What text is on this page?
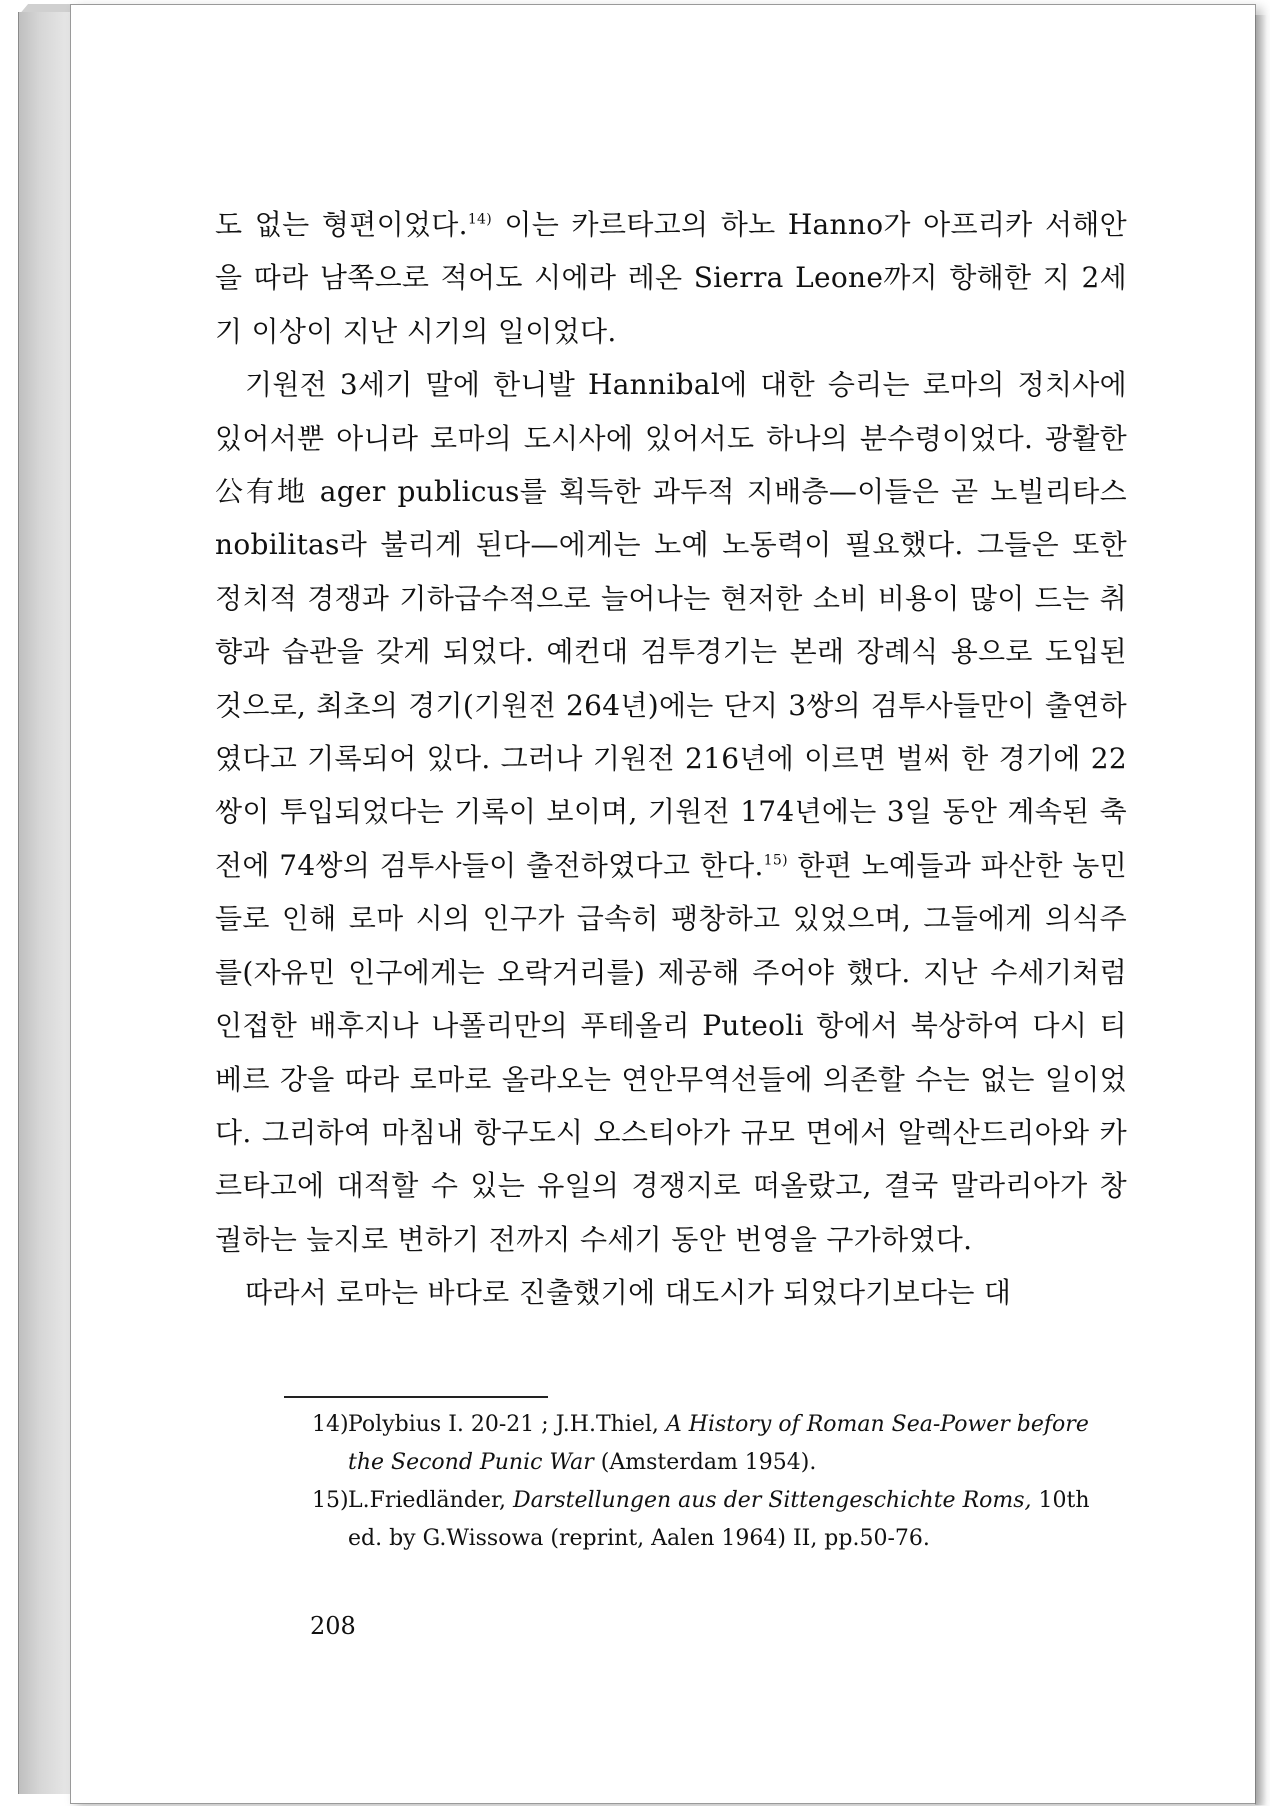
도 없는 형편이었다.$^{14)}$ 이는 카르타고의 하노 Hanno가 아프리카 서해안을 따라 남쪽으로 적어도 시에라 레온 Sierra Leone까지 항해한 지 2세기 이상이 지난 시기의 일이었다.

기원전 3세기 말에 한니발 Hannibal에 대한 승리는 로마의 정치사에 있어서뿐 아니라 로마의 도시사에 있어서도 하나의 분수령이었다. 광활한 公有地 ager publicus를 획득한 과두적 지배층—이들은 곧 노빌리타스 nobilitas라 불리게 된다—에게는 노예 노동력이 필요했다. 그들은 또한 정치적 경쟁과 기하급수적으로 늘어나는 현저한 소비 비용이 많이 드는 취향과 습관을 갖게 되었다. 예컨대 검투경기는 본래 장례식 용으로 도입된 것으로, 최초의 경기(기원전 264년)에는 단지 3쌍의 검투사들만이 출연하였다고 기록되어 있다. 그러나 기원전 216년에 이르면 벌써 한 경기에 22쌍이 투입되었다는 기록이 보이며, 기원전 174년에는 3일 동안 계속된 축전에 74쌍의 검투사들이 출전하였다고 한다.$^{15)}$ 한편 노예들과 파산한 농민들로 인해 로마 시의 인구가 급속히 팽창하고 있었으며, 그들에게 의식주를(자유민 인구에게는 오락거리를) 제공해 주어야 했다. 지난 수세기처럼 인접한 배후지나 나폴리만의 푸테올리 Puteoli 항에서 북상하여 다시 티베르 강을 따라 로마로 올라오는 연안무역선들에 의존할 수는 없는 일이었다. 그리하여 마침내 항구도시 오스티아가 규모 면에서 알렉산드리아와 카르타고에 대적할 수 있는 유일의 경쟁지로 떠올랐고, 결국 말라리아가 창궐하는 늪지로 변하기 전까지 수세기 동안 번영을 구가하였다.

따라서 로마는 바다로 진출했기에 대도시가 되었다기보다는 대

14) Polybius I. 20-21 ; J.H.Thiel, A History of Roman Sea-Power before the Second Punic War (Amsterdam 1954).
15) L.Friedländer, Darstellungen aus der Sittengeschichte Roms, 10th ed. by G.Wissowa (reprint, Aalen 1964) II, pp.50-76.
208
